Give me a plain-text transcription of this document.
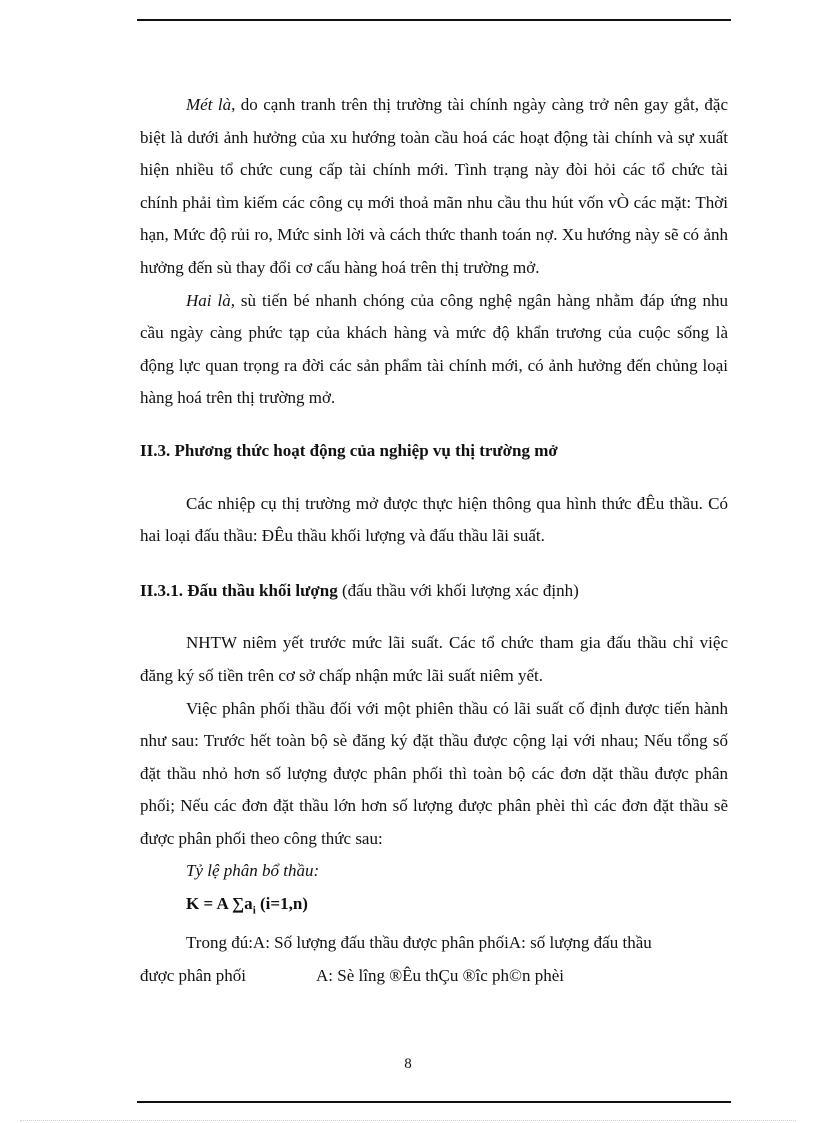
Mét là, do cạnh tranh trên thị trường tài chính ngày càng trở nên gay gắt, đặc biệt là dưới ảnh hưởng của xu hướng toàn cầu hoá các hoạt động tài chính và sự xuất hiện nhiều tổ chức cung cấp tài chính mới. Tình trạng này đòi hỏi các tổ chức tài chính phải tìm kiếm các công cụ mới thoả mãn nhu cầu thu hút vốn vÒ các mặt: Thời hạn, Mức độ rủi ro, Mức sinh lời và cách thức thanh toán nợ. Xu hướng này sẽ có ảnh hưởng đến sù thay đổi cơ cấu hàng hoá trên thị trường mở.

Hai là, sù tiến bé nhanh chóng của công nghệ ngân hàng nhằm đáp ứng nhu cầu ngày càng phức tạp của khách hàng và mức độ khẩn trương của cuộc sống là động lực quan trọng ra đời các sản phẩm tài chính mới, có ảnh hưởng đến chủng loại hàng hoá trên thị trường mở.

II.3. Phương thức hoạt động của nghiệp vụ thị trường mở

Các nhiệp cụ thị trường mở được thực hiện thông qua hình thức đÊu thầu. Có hai loại đấu thầu: ĐÊu thầu khối lượng và đấu thầu lãi suất.

II.3.1. Đấu thầu khối lượng (đấu thầu với khối lượng xác định)

NHTW niêm yết trước mức lãi suất. Các tổ chức tham gia đấu thầu chỉ việc đăng ký số tiền trên cơ sở chấp nhận mức lãi suất niêm yết.

Việc phân phối thầu đối với một phiên thầu có lãi suất cố định được tiến hành như sau: Trước hết toàn bộ sè đăng ký đặt thầu được cộng lại với nhau; Nếu tổng số đặt thầu nhỏ hơn số lượng được phân phối thì toàn bộ các đơn dặt thầu được phân phối; Nếu các đơn đặt thầu lớn hơn số lượng được phân phèi thì các đơn đặt thầu sẽ được phân phối theo công thức sau:

Tỷ lệ phân bổ thầu:

K = A $\sum a_i$ (i=1,n)

Trong đú:A: Số lượng đấu thầu được phân phốiA: số lượng đấu thầu

được phân phối	A: Sè lîng ®Êu thÇu ®îc ph©n phèi

8
